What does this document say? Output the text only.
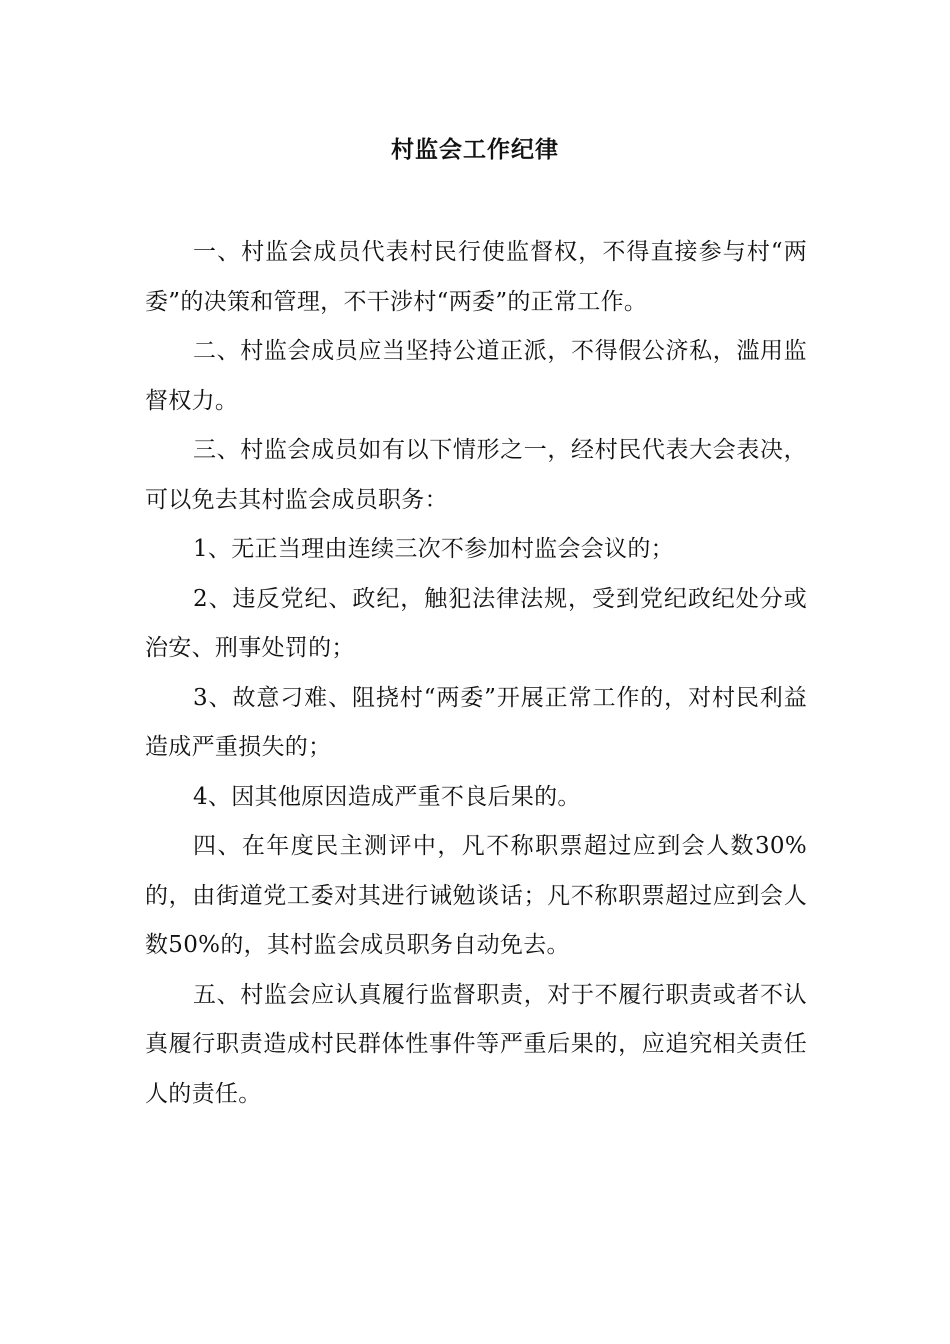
村监会工作纪律

一、村监会成员代表村民行使监督权，不得直接参与村“两委”的决策和管理，不干涉村“两委”的正常工作。

二、村监会成员应当坚持公道正派，不得假公济私，滥用监督权力。

三、村监会成员如有以下情形之一，经村民代表大会表决，可以免去其村监会成员职务：

1、无正当理由连续三次不参加村监会会议的；

2、违反党纪、政纪，触犯法律法规，受到党纪政纪处分或治安、刑事处罚的；

3、故意刁难、阻挠村“两委”开展正常工作的，对村民利益造成严重损失的；

4、因其他原因造成严重不良后果的。

四、在年度民主测评中，凡不称职票超过应到会人数30%的，由街道党工委对其进行诫勉谈话；凡不称职票超过应到会人数50%的，其村监会成员职务自动免去。

五、村监会应认真履行监督职责，对于不履行职责或者不认真履行职责造成村民群体性事件等严重后果的，应追究相关责任人的责任。
